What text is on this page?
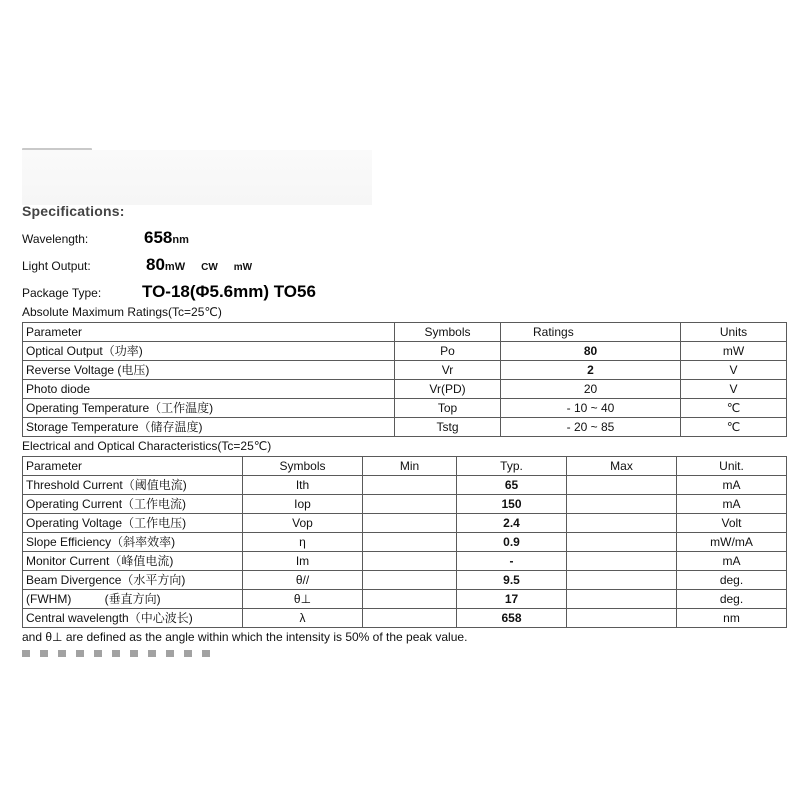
Specifications:
Wavelength:	658nm
Light Output:	80mW CW mW
Package Type: TO-18(Φ5.6mm) TO56
Absolute Maximum Ratings(Tc=25℃)
Parameter	Symbols	Ratings	Units
Optical Output（功率)	Po	80	mW
Reverse Voltage (电压)	Vr	2	V
Photo diode	Vr(PD)	20	V
Operating Temperature（工作温度)	Top	- 10 ~ 40	℃
Storage Temperature（储存温度)	Tstg	- 20 ~ 85	℃
Electrical and Optical Characteristics(Tc=25℃)
Parameter	Symbols	Min	Typ.	Max	Unit.
Threshold Current（阈值电流)	Ith		65		mA
Operating Current（工作电流)	Iop		150		mA
Operating Voltage（工作电压)	Vop		2.4		Volt
Slope Efficiency（斜率效率)	η		0.9		mW/mA
Monitor Current（峰值电流)	Im		-		mA
Beam Divergence（水平方向)	θ//		9.5		deg.
(FWHM)          (垂直方向)	θ⊥		17		deg.
Central wavelength（中心波长)	λ		658		nm
and θ⊥ are defined as the angle within which the intensity is 50% of the peak value.
